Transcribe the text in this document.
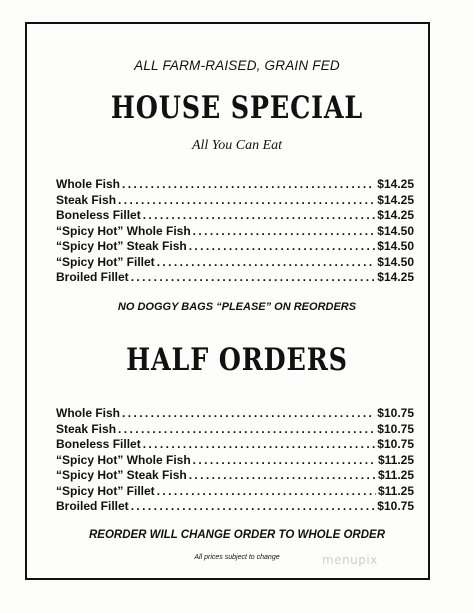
ALL FARM-RAISED, GRAIN FED
HOUSE SPECIAL
All You Can Eat
Whole Fish .....	$14.25
Steak Fish .....	$14.25
Boneless Fillet .....	$14.25
“Spicy Hot” Whole Fish .....	$14.50
“Spicy Hot” Steak Fish .....	$14.50
“Spicy Hot” Fillet .....	$14.50
Broiled Fillet .....	$14.25
NO DOGGY BAGS “PLEASE” ON REORDERS
HALF ORDERS
Whole Fish .....	$10.75
Steak Fish .....	$10.75
Boneless Fillet .....	$10.75
“Spicy Hot” Whole Fish .....	$11.25
“Spicy Hot” Steak Fish .....	$11.25
“Spicy Hot” Fillet .....	$11.25
Broiled Fillet .....	$10.75
REORDER WILL CHANGE ORDER TO WHOLE ORDER
All prices subject to change	menupix
